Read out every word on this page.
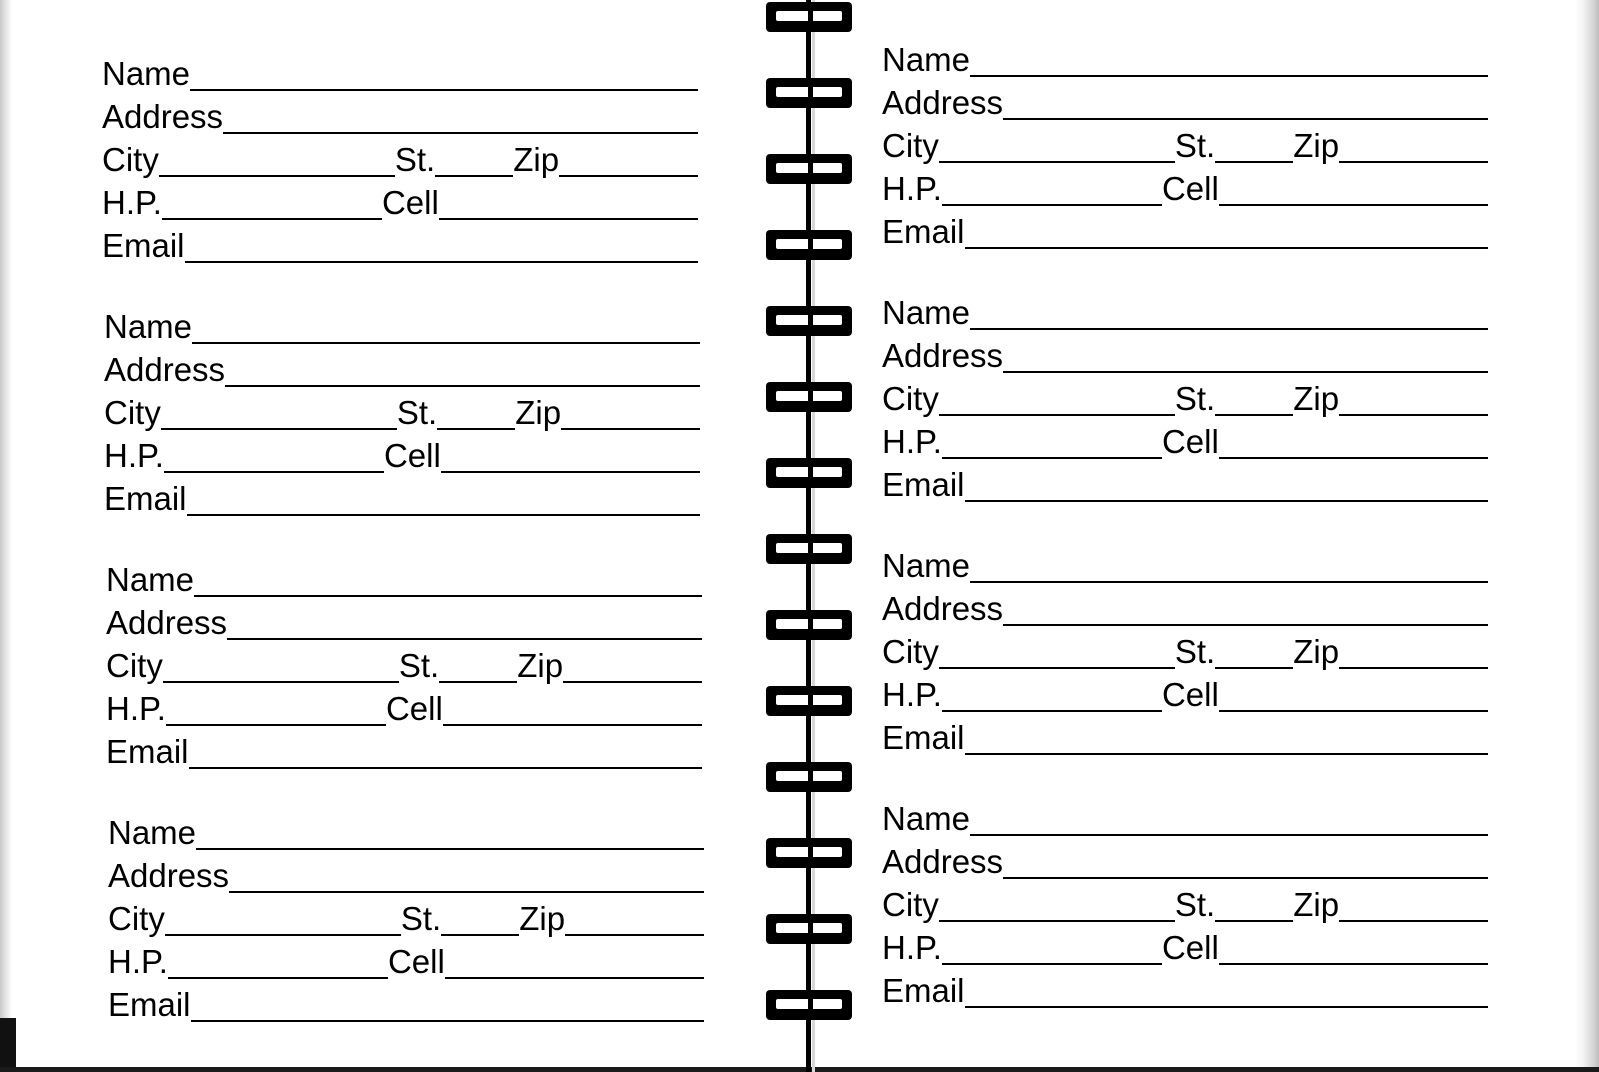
Name
Address
City	St. Zip
H.P.	Cell
Email
Name
Address
City	St. Zip
H.P.	Cell
Email
Name
Address
City	St. Zip
H.P.	Cell
Email
Name
Address
City	St. Zip
H.P.	Cell
Email
Name
Address
City	St. Zip
H.P.	Cell
Email
Name
Address
City	St. Zip
H.P.	Cell
Email
Name
Address
City	St. Zip
H.P.	Cell
Email
Name
Address
City	St. Zip
H.P.	Cell
Email
